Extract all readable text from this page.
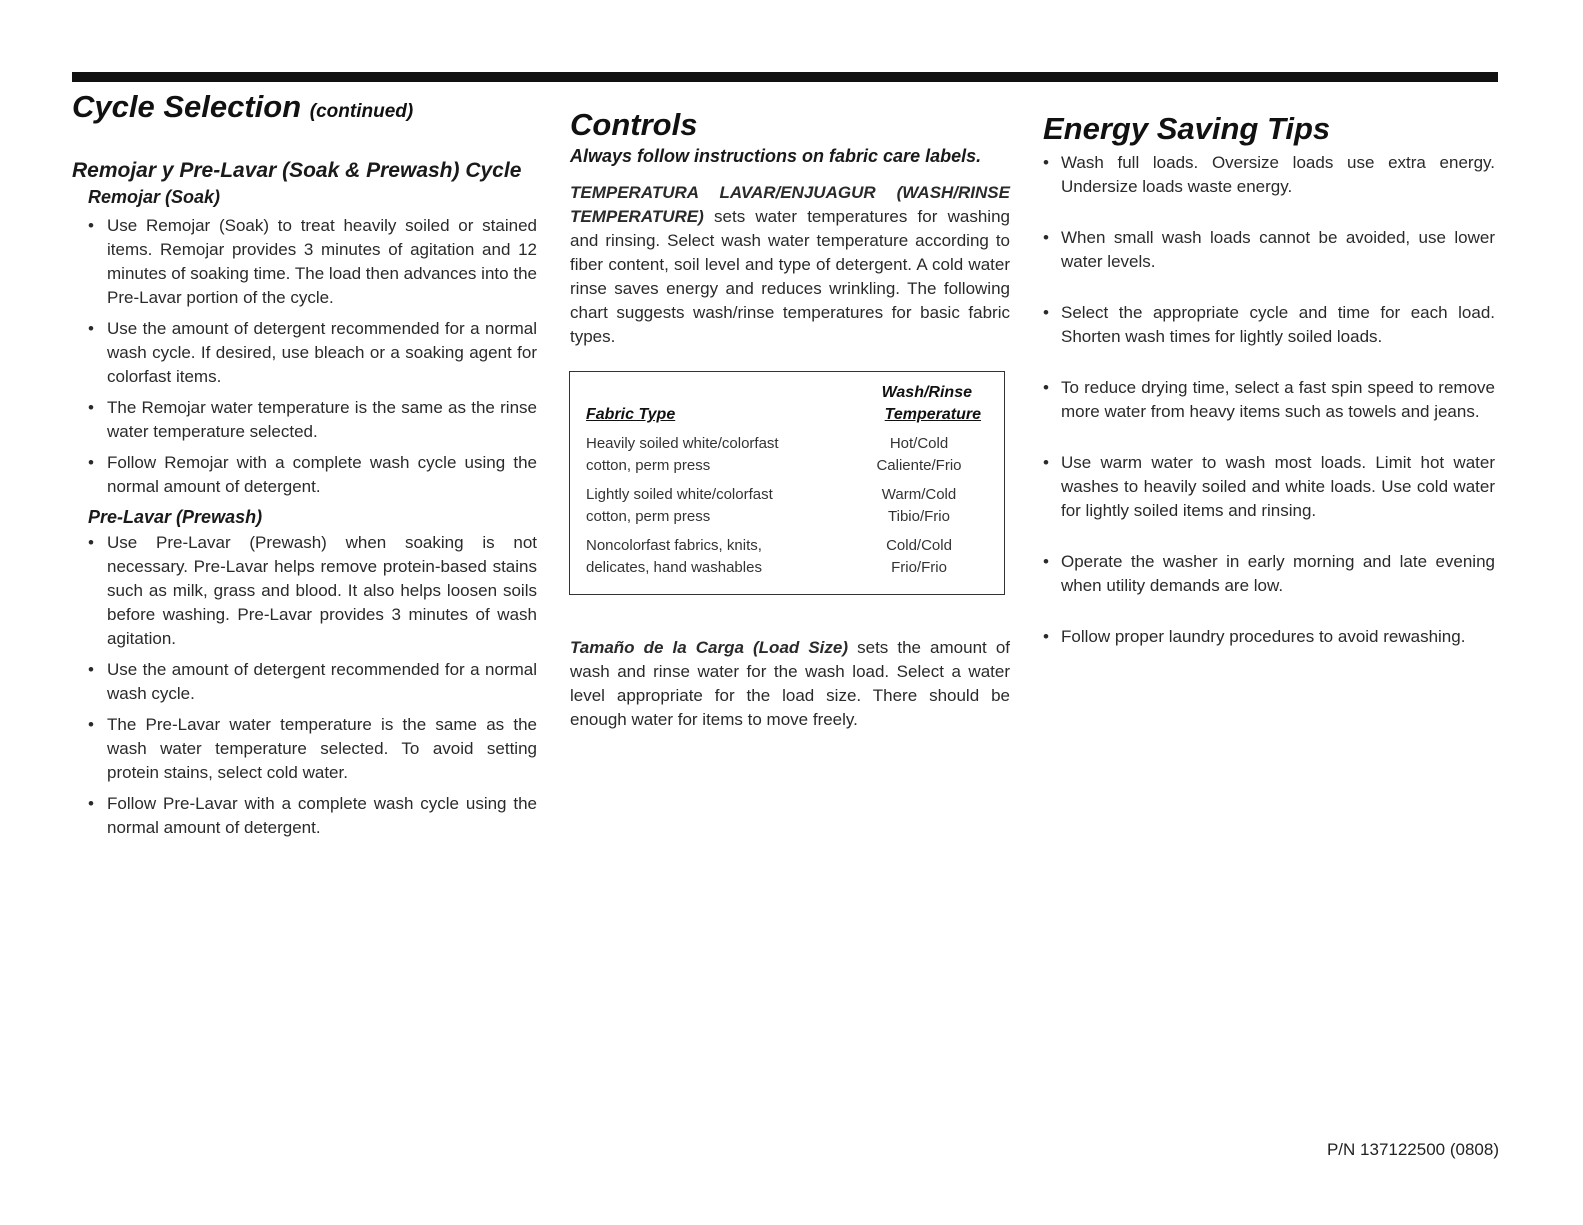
Cycle Selection (continued)
Remojar y Pre-Lavar (Soak & Prewash) Cycle
Remojar (Soak)
• Use Remojar (Soak) to treat heavily soiled or stained items. Remojar provides 3 minutes of agitation and 12 minutes of soaking time. The load then advances into the Pre-Lavar portion of the cycle.
• Use the amount of detergent recommended for a normal wash cycle. If desired, use bleach or a soaking agent for colorfast items.
• The Remojar water temperature is the same as the rinse water temperature selected.
• Follow Remojar with a complete wash cycle using the normal amount of detergent.
Pre-Lavar (Prewash)
• Use Pre-Lavar (Prewash) when soaking is not necessary. Pre-Lavar helps remove protein-based stains such as milk, grass and blood. It also helps loosen soils before washing. Pre-Lavar provides 3 minutes of wash agitation.
• Use the amount of detergent recommended for a normal wash cycle.
• The Pre-Lavar water temperature is the same as the wash water temperature selected. To avoid setting protein stains, select cold water.
• Follow Pre-Lavar with a complete wash cycle using the normal amount of detergent.
Controls
Always follow instructions on fabric care labels.
TEMPERATURA LAVAR/ENJUAGUR (WASH/RINSE TEMPERATURE) sets water temperatures for washing and rinsing. Select wash water temperature according to fiber content, soil level and type of detergent. A cold water rinse saves energy and reduces wrinkling. The following chart suggests wash/rinse temperatures for basic fabric types.
Wash/Rinse
Fabric Type	Temperature
Heavily soiled white/colorfast
cotton, perm press
Hot/Cold
Caliente/Frio
Lightly soiled white/colorfast
cotton, perm press
Warm/Cold
Tibio/Frio
Noncolorfast fabrics, knits,
delicates, hand washables
Cold/Cold
Frio/Frio
Tamaño de la Carga (Load Size) sets the amount of wash and rinse water for the wash load. Select a water level appropriate for the load size. There should be enough water for items to move freely.
Energy Saving Tips
• Wash full loads. Oversize loads use extra energy. Undersize loads waste energy.
• When small wash loads cannot be avoided, use lower water levels.
• Select the appropriate cycle and time for each load. Shorten wash times for lightly soiled loads.
• To reduce drying time, select a fast spin speed to remove more water from heavy items such as towels and jeans.
• Use warm water to wash most loads. Limit hot water washes to heavily soiled and white loads. Use cold water for lightly soiled items and rinsing.
• Operate the washer in early morning and late evening when utility demands are low.
• Follow proper laundry procedures to avoid rewashing.
P/N 137122500 (0808)
